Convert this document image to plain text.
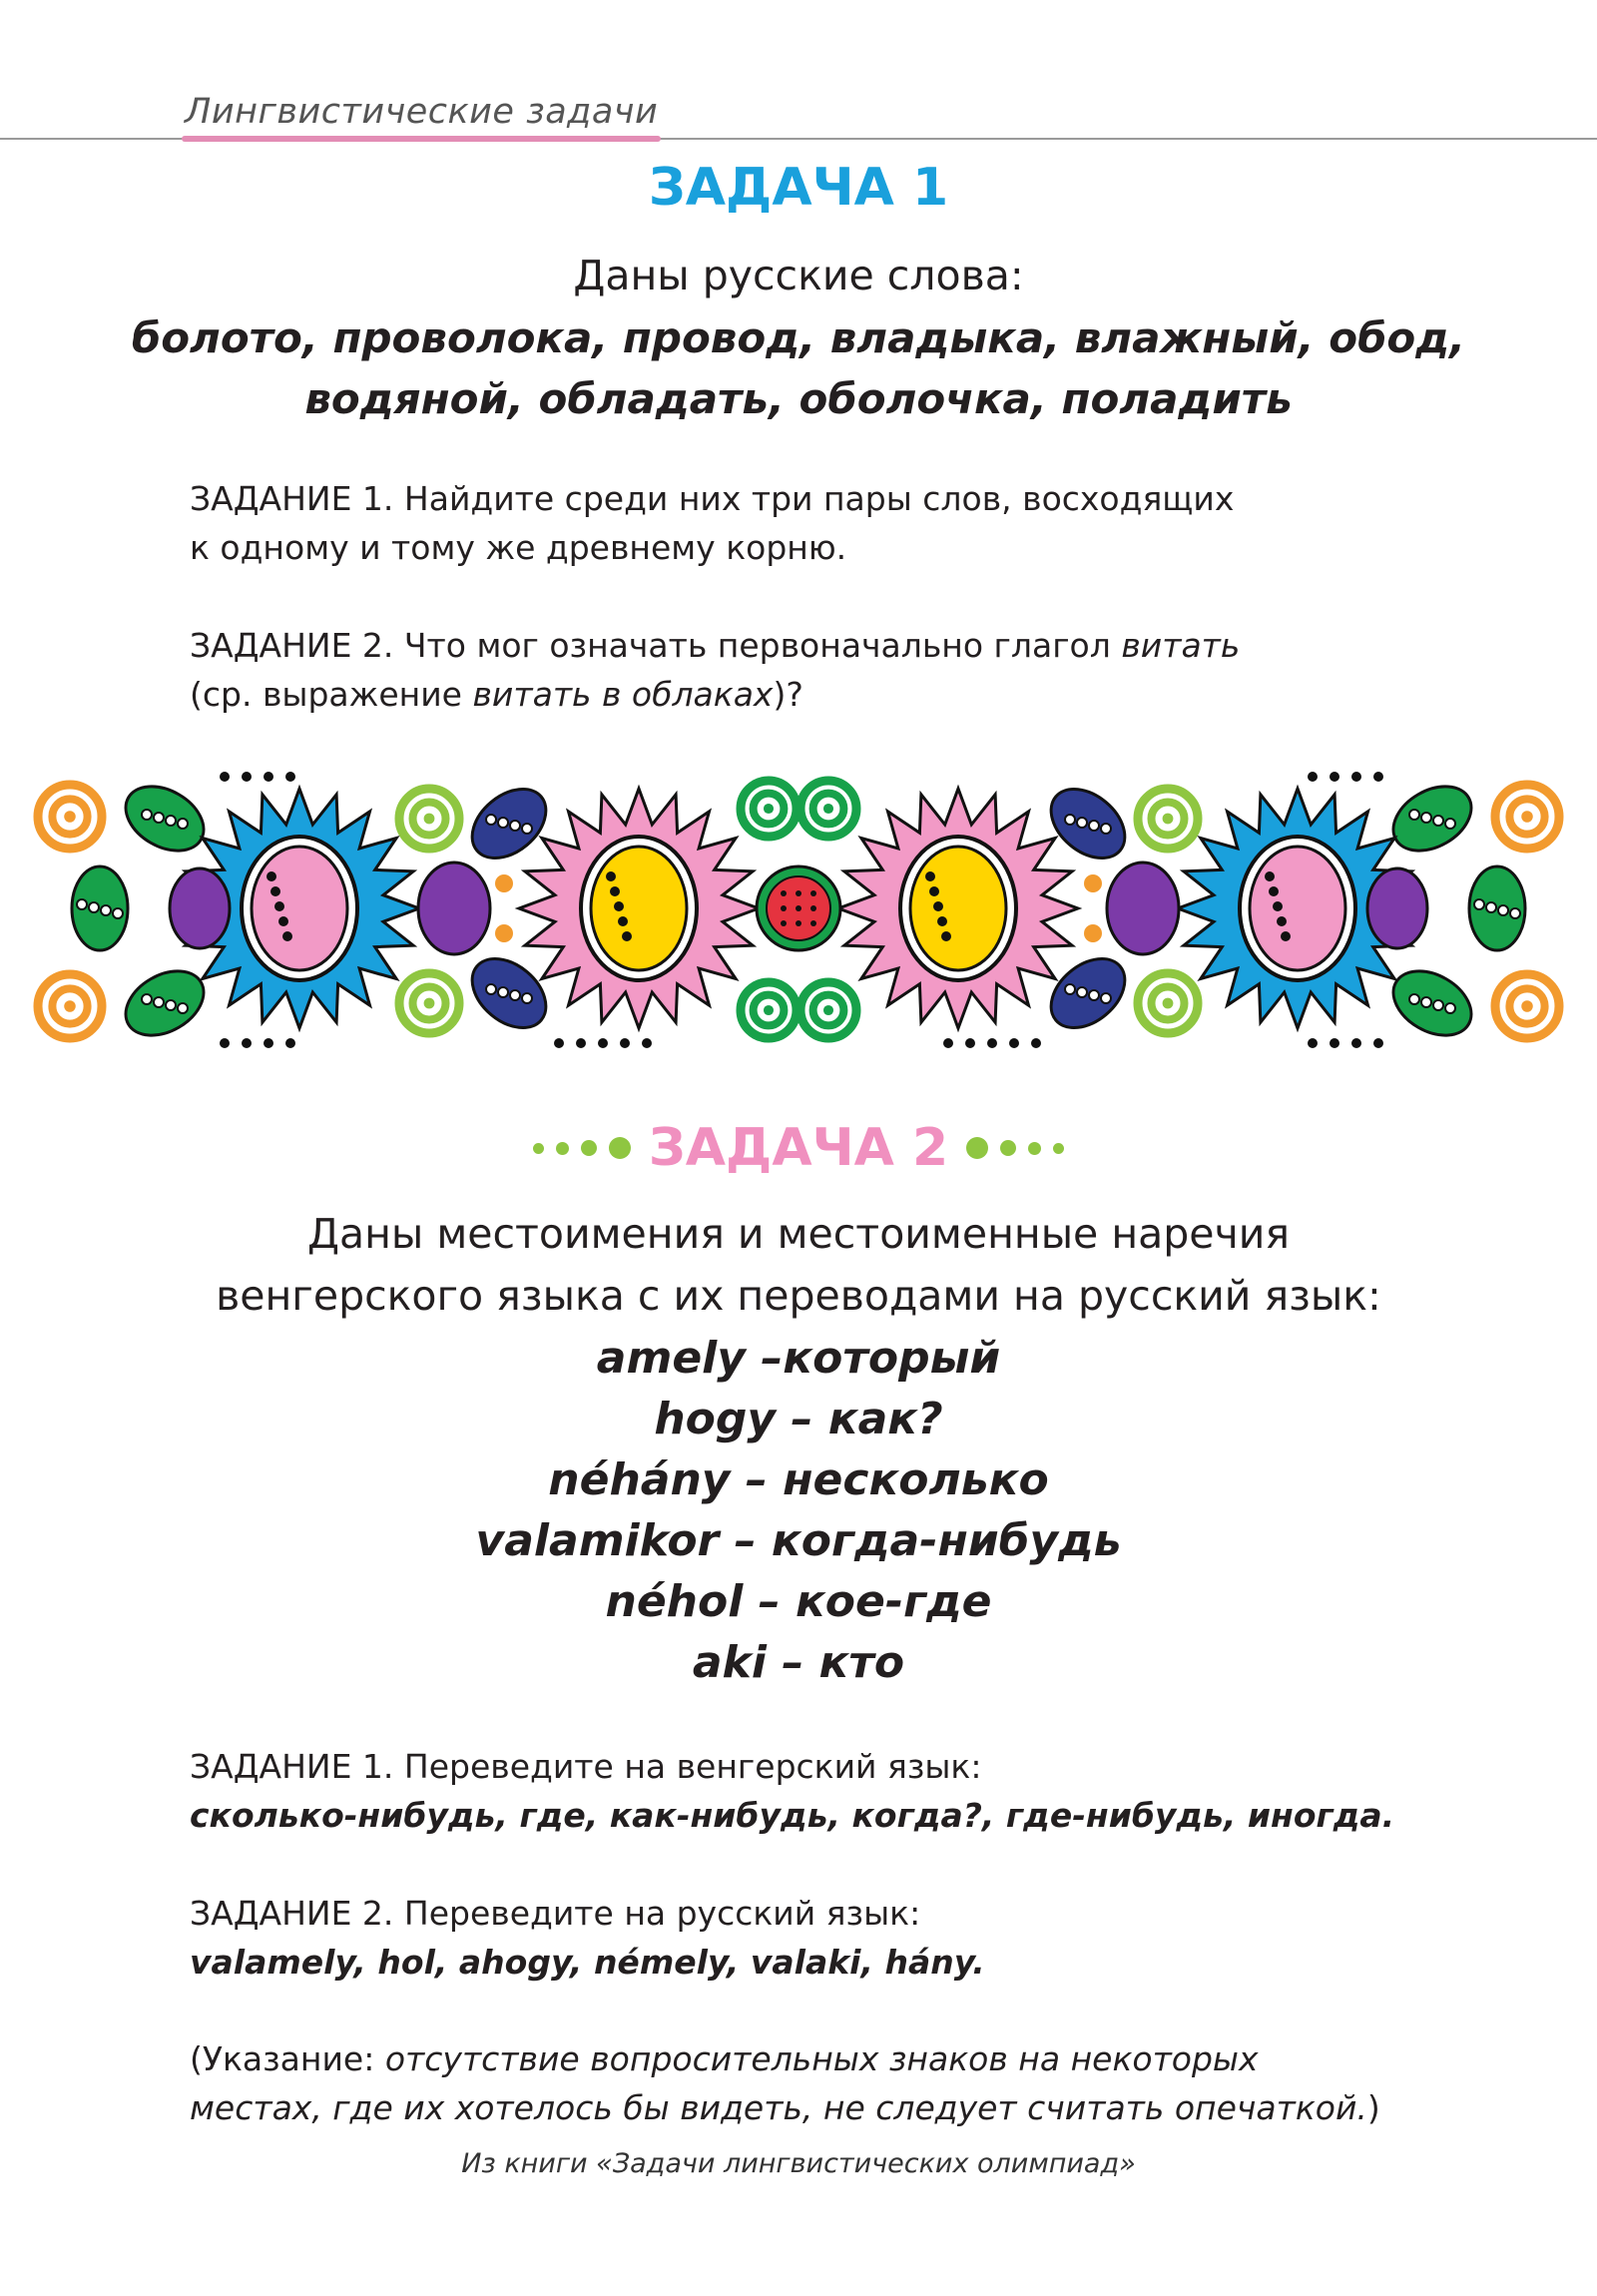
Лингвистические задачи
ЗАДАЧА 1
Даны русские слова:
болото, проволока, провод, владыка, влажный, обод,
водяной, обладать, оболочка, поладить
ЗАДАНИЕ 1. Найдите среди них три пары слов, восходящих
к одному и тому же древнему корню.
ЗАДАНИЕ 2. Что мог означать первоначально глагол витать
(ср. выражение витать в облаках)?
ЗАДАЧА 2
Даны местоимения и местоименные наречия
венгерского языка с их переводами на русский язык:
amely –который
hogy – как?
néhány – несколько
valamikor – когда-нибудь
néhol – кое-где
aki – кто
ЗАДАНИЕ 1. Переведите на венгерский язык:
сколько-нибудь, где, как-нибудь, когда?, где-нибудь, иногда.
ЗАДАНИЕ 2. Переведите на русский язык:
valamely, hol, ahogy, némely, valaki, hány.
(Указание: отсутствие вопросительных знаков на некоторых
местах, где их хотелось бы видеть, не следует считать опечаткой.)
Из книги «Задачи лингвистических олимпиад»
